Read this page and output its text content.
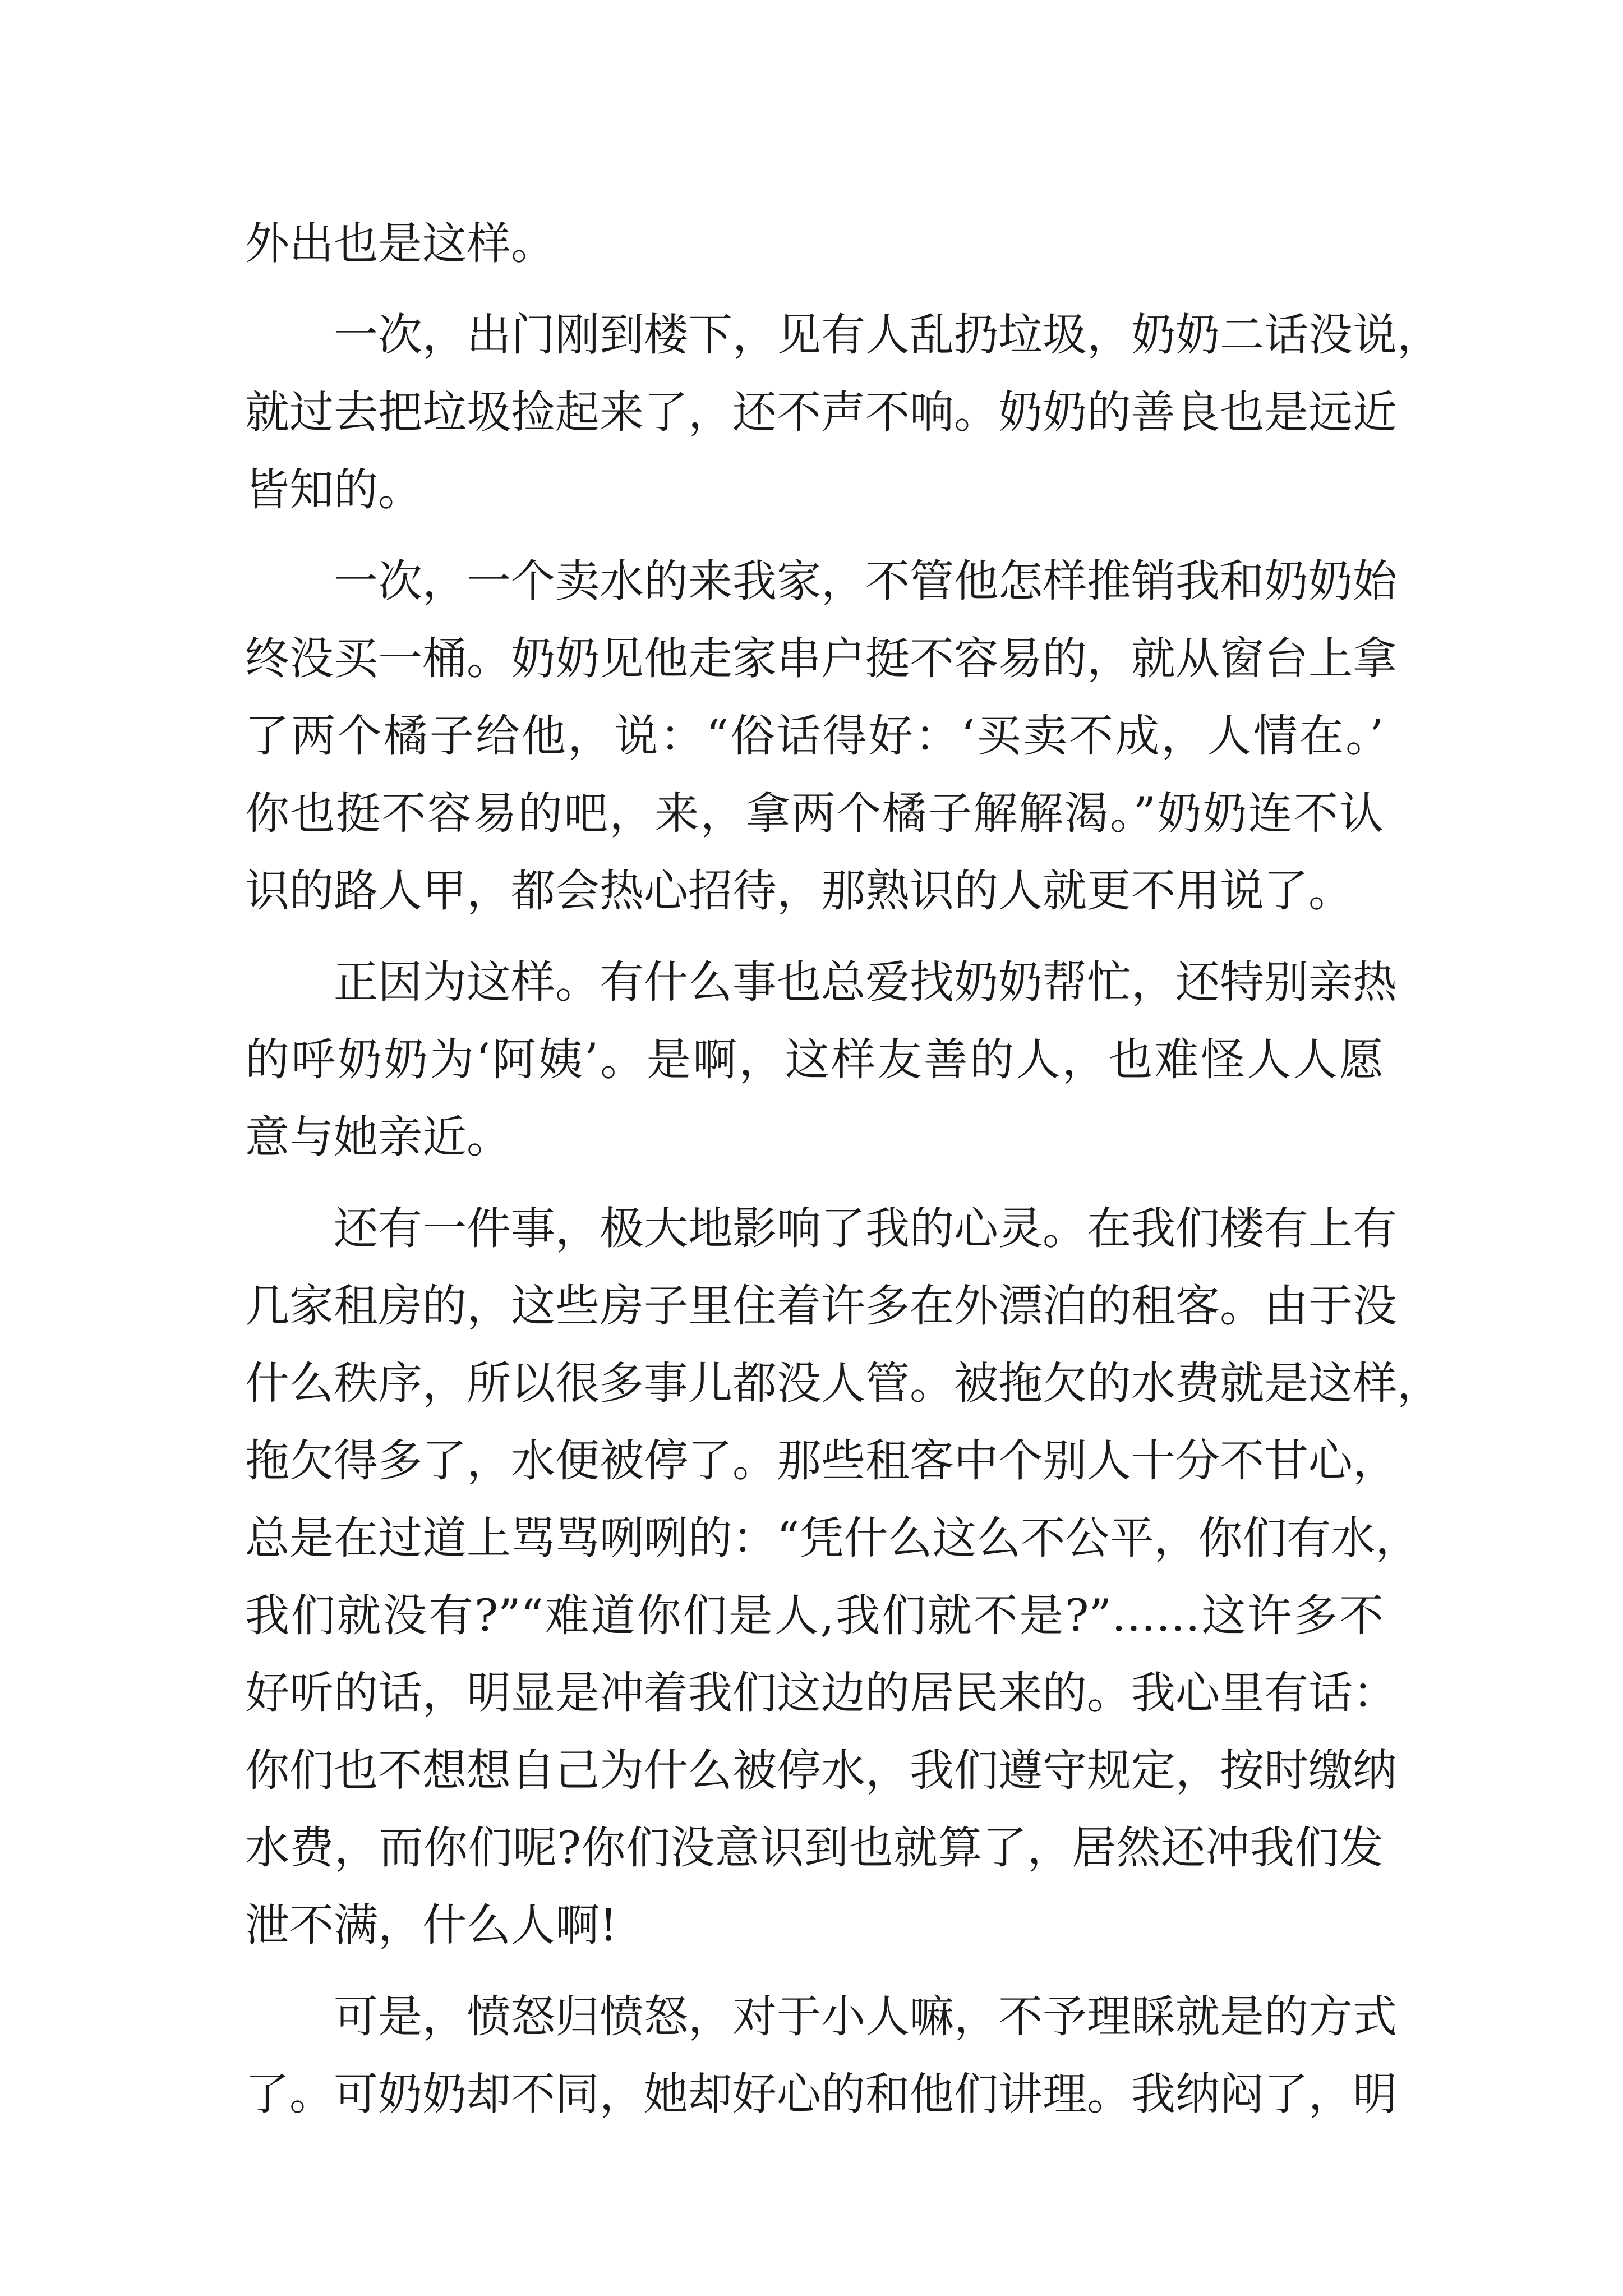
外出也是这样。
一次，出门刚到楼下，见有人乱扔垃圾，奶奶二话没说，
就过去把垃圾捡起来了，还不声不响。奶奶的善良也是远近
皆知的。
一次，一个卖水的来我家，不管他怎样推销我和奶奶始
终没买一桶。奶奶见他走家串户挺不容易的，就从窗台上拿
了两个橘子给他，说：“俗话得好：‘买卖不成，人情在。’
你也挺不容易的吧，来，拿两个橘子解解渴。”奶奶连不认
识的路人甲，都会热心招待，那熟识的人就更不用说了。
正因为这样。有什么事也总爱找奶奶帮忙，还特别亲热
的呼奶奶为‘阿姨’。是啊，这样友善的人，也难怪人人愿
意与她亲近。
还有一件事，极大地影响了我的心灵。在我们楼有上有
几家租房的，这些房子里住着许多在外漂泊的租客。由于没
什么秩序，所以很多事儿都没人管。被拖欠的水费就是这样，
拖欠得多了，水便被停了。那些租客中个别人十分不甘心，
总是在过道上骂骂咧咧的：“凭什么这么不公平，你们有水，
我们就没有?”“难道你们是人,我们就不是?”……这许多不
好听的话，明显是冲着我们这边的居民来的。我心里有话：
你们也不想想自己为什么被停水，我们遵守规定，按时缴纳
水费，而你们呢?你们没意识到也就算了，居然还冲我们发
泄不满，什么人啊!
可是，愤怒归愤怒，对于小人嘛，不予理睬就是的方式
了。可奶奶却不同，她却好心的和他们讲理。我纳闷了，明
